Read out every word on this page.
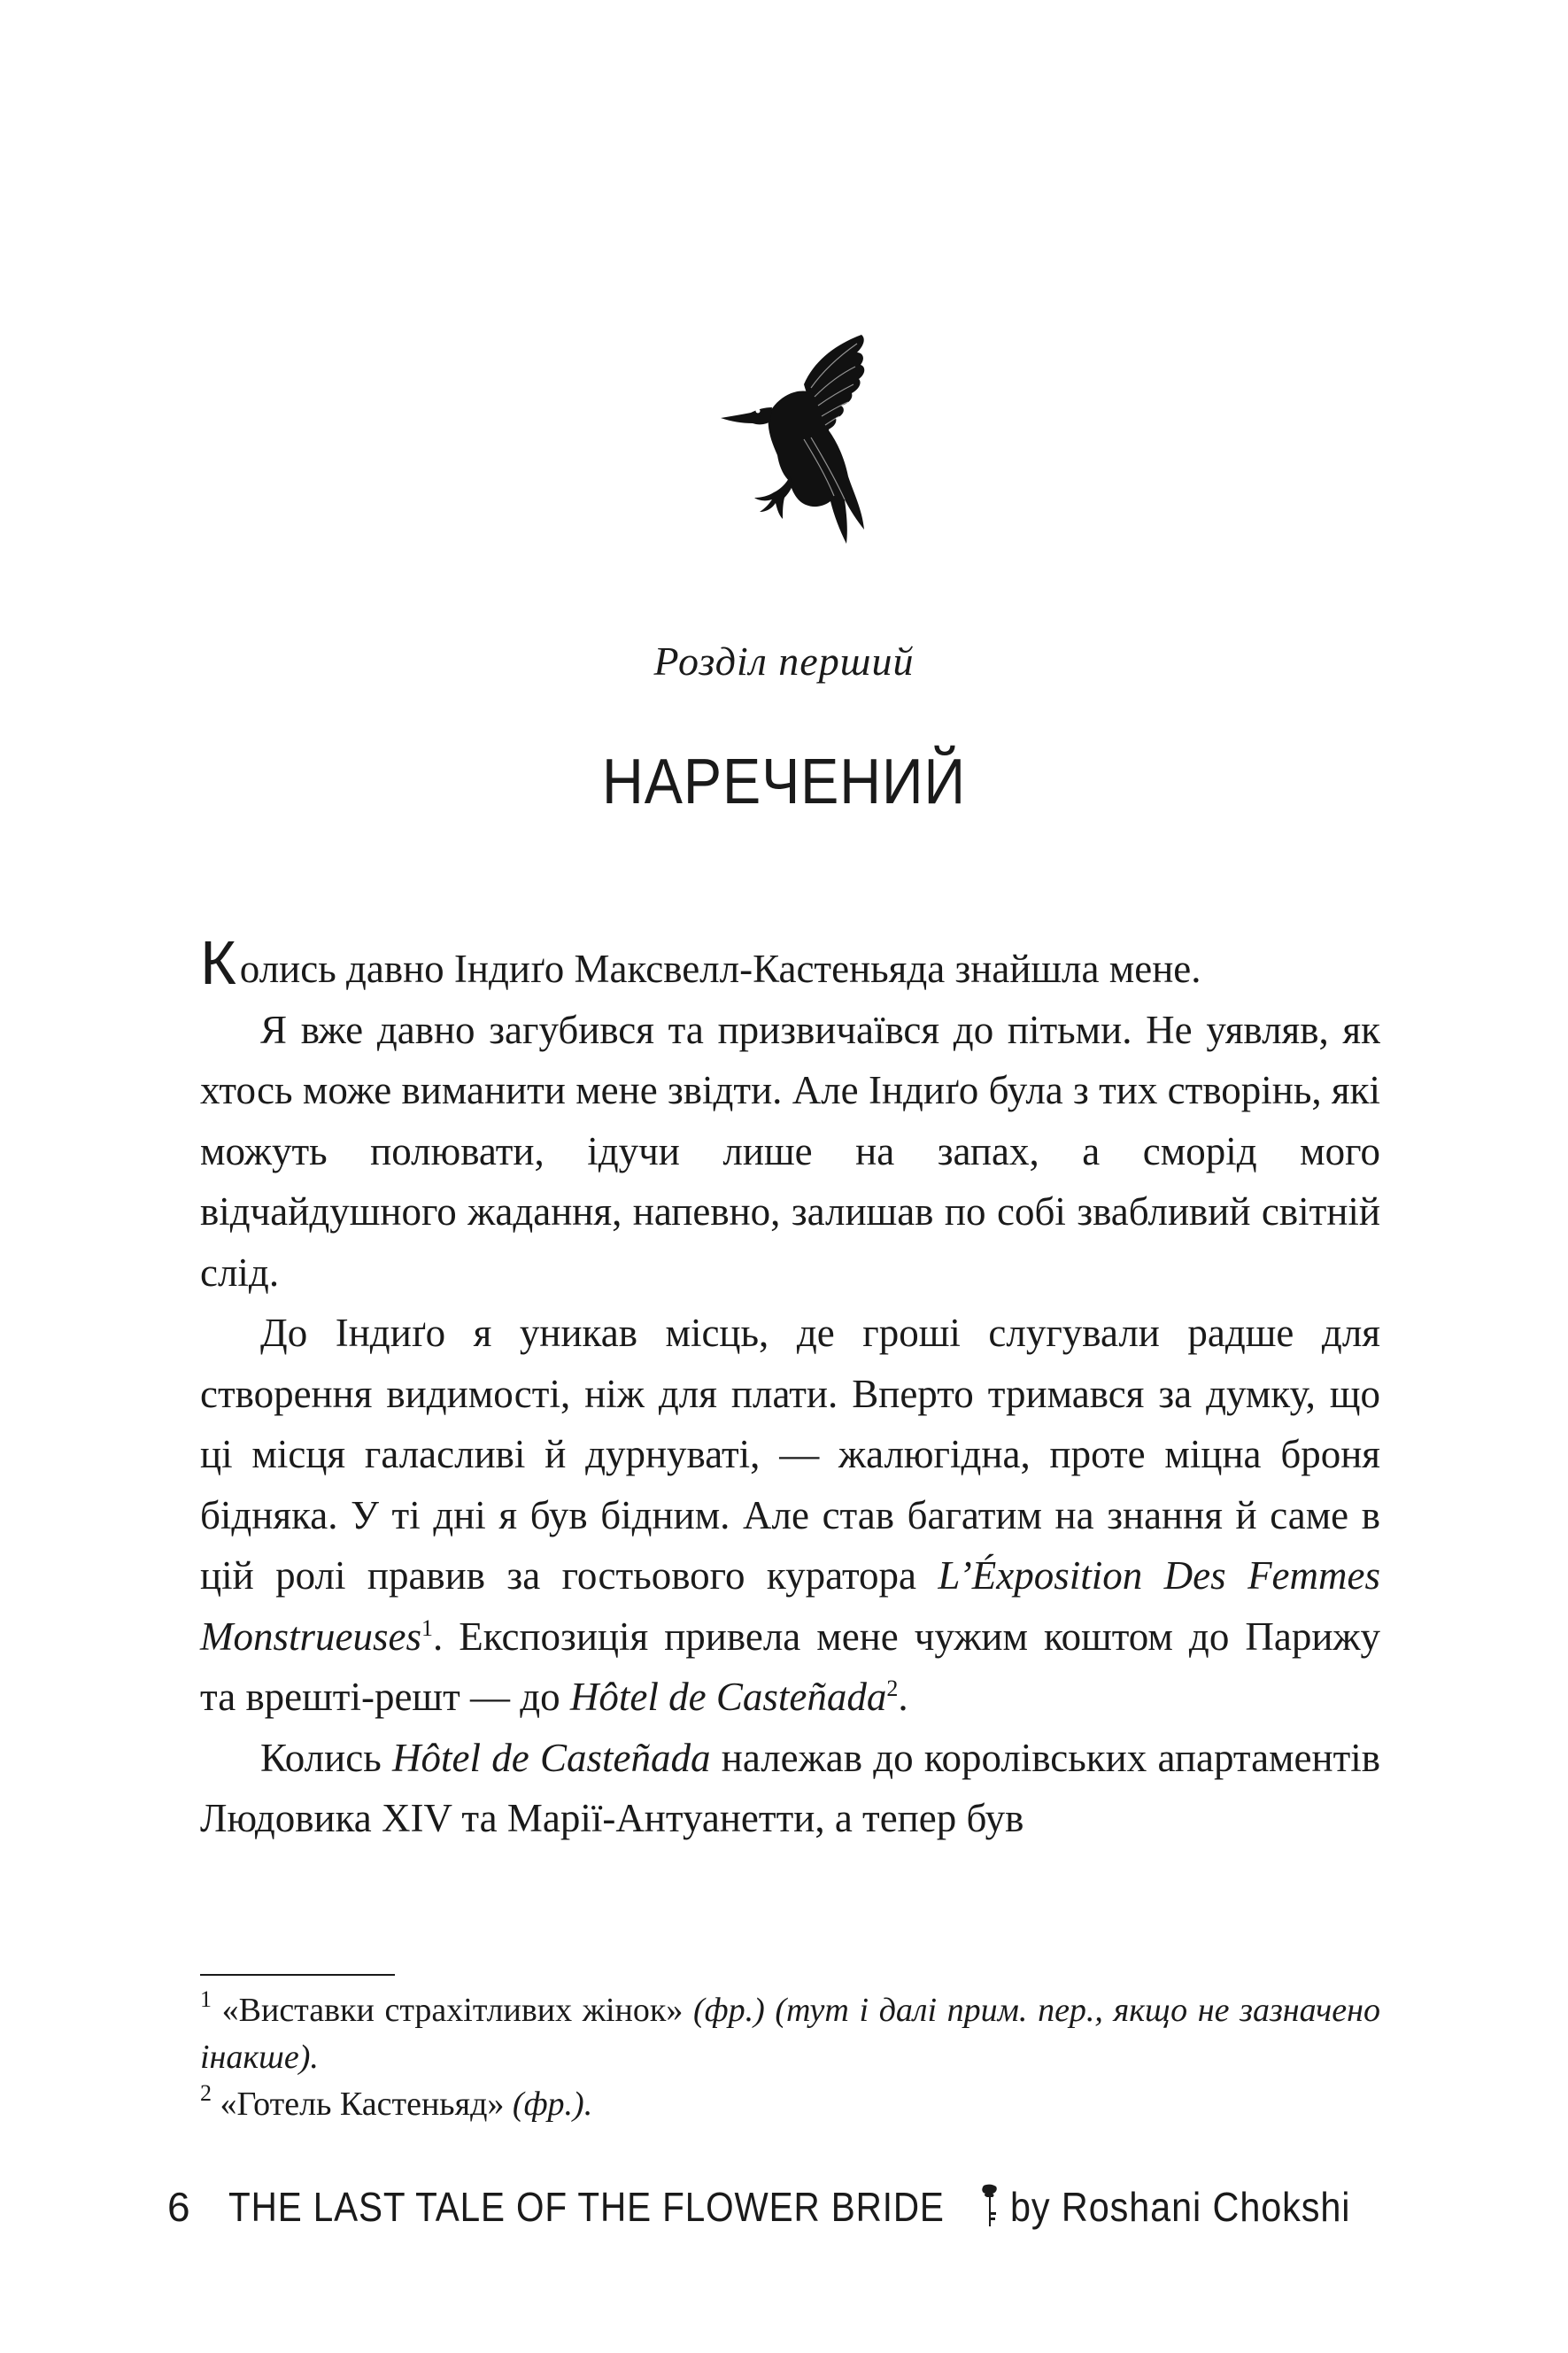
Розділ перший
НАРЕЧЕНИЙ

Колись давно Індиґо Максвелл-Кастеньяда знайшла мене.

Я вже давно загубився та призвичаївся до пітьми. Не уявляв, як хтось може виманити мене звідти. Але Індиґо була з тих створінь, які можуть полювати, ідучи лише на запах, а сморід мого відчайдушного жадання, напевно, залишав по собі звабливий світній слід.

До Індиґо я уникав місць, де гроші слугували радше для створення видимості, ніж для плати. Вперто тримався за думку, що ці місця галасливі й дурнуваті, — жалюгідна, проте міцна броня бідняка. У ті дні я був бідним. Але став багатим на знання й саме в цій ролі правив за гостьового куратора L’Éxposition Des Femmes Monstrueuses$^1$. Експозиція привела мене чужим коштом до Парижу та врешті-решт — до Hôtel de Casteñada$^2$.

Колись Hôtel de Casteñada належав до королівських апартаментів Людовика XIV та Марії-Антуанетти, а тепер був

$^1$ «Виставки страхітливих жінок» (фр.) (тут і далі прим. пер., якщо не зазначено інакше).

$^2$ «Готель Кастеньяд» (фр.).

6 THE LAST TALE OF THE FLOWER BRIDE by Roshani Chokshi
